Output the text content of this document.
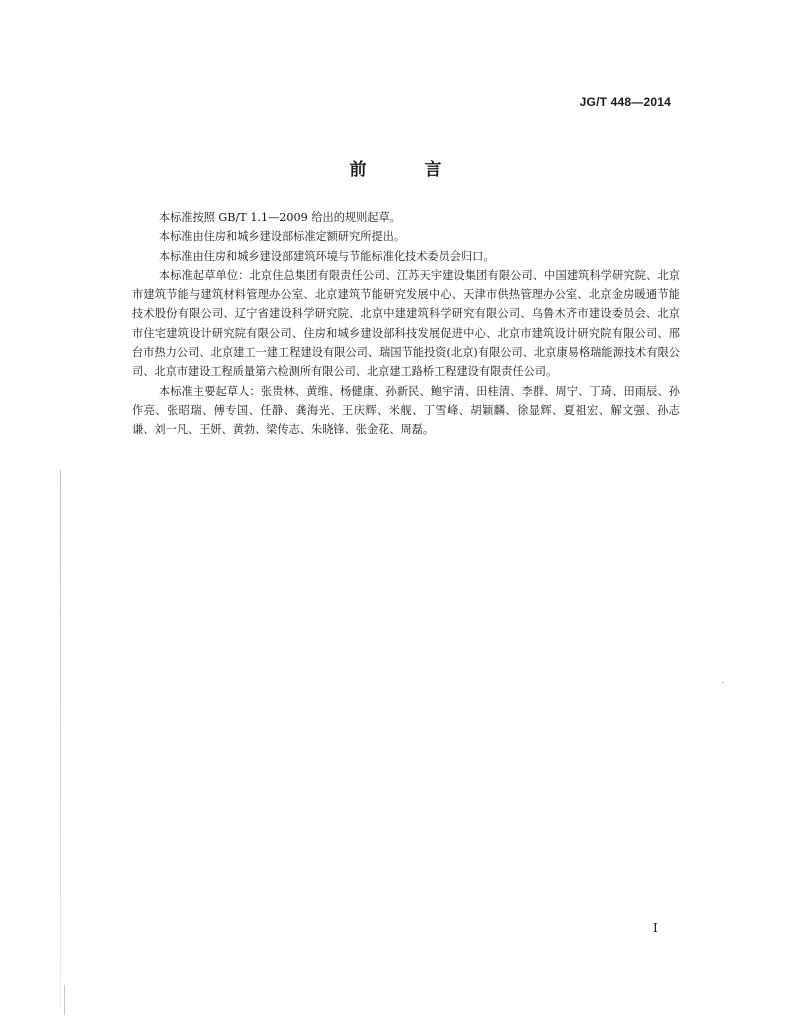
JG/T 448—2014
前 言

本标准按照 GB/T 1.1—2009 给出的规则起草。

本标准由住房和城乡建设部标准定额研究所提出。

本标准由住房和城乡建设部建筑环境与节能标准化技术委员会归口。

本标准起草单位：北京住总集团有限责任公司、江苏天宇建设集团有限公司、中国建筑科学研究院、北京市建筑节能与建筑材料管理办公室、北京建筑节能研究发展中心、天津市供热管理办公室、北京金房暖通节能技术股份有限公司、辽宁省建设科学研究院、北京中建建筑科学研究有限公司、乌鲁木齐市建设委员会、北京市住宅建筑设计研究院有限公司、住房和城乡建设部科技发展促进中心、北京市建筑设计研究院有限公司、邢台市热力公司、北京建工一建工程建设有限公司、瑞国节能投资(北京)有限公司、北京康易格瑞能源技术有限公司、北京市建设工程质量第六检测所有限公司、北京建工路桥工程建设有限责任公司。

本标准主要起草人：张贵林、黄维、杨健康、孙新民、鲍宇清、田桂清、李群、周宁、丁琦、田雨辰、孙作亮、张昭瑞、傅专国、任静、龚海光、王庆辉、米舰、丁雪峰、胡颖麟、徐显辉、夏祖宏、解文强、孙志谦、刘一凡、王妍、黄勃、梁传志、朱晓锋、张金花、周磊。

I
